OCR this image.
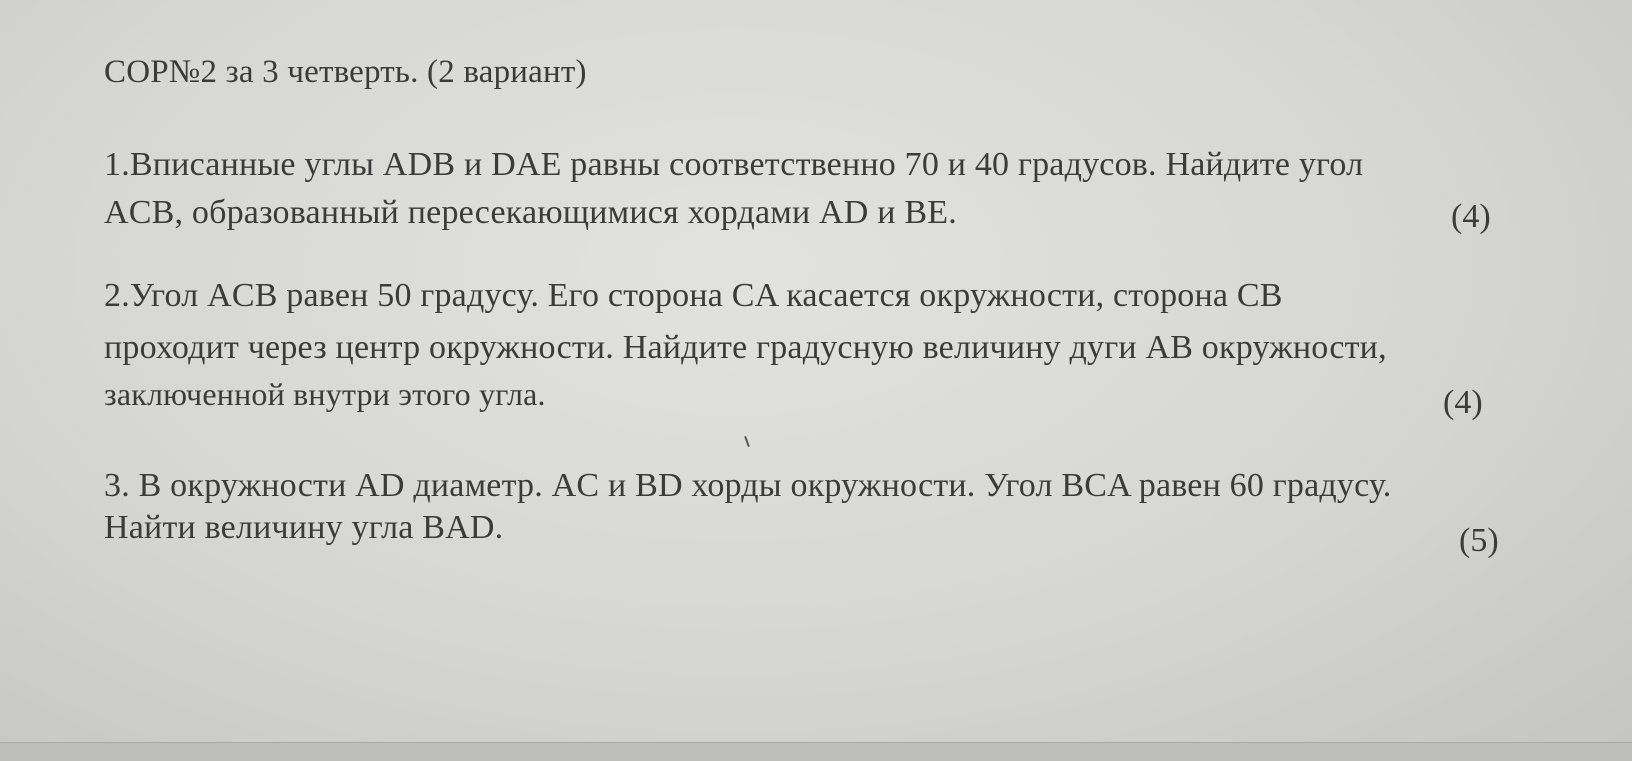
СОР№2 за 3 четверть. (2 вариант)
1.Вписанные углы ADB и DAE равны соответственно 70 и 40 градусов. Найдите угол
ACB, образованный пересекающимися хордами AD и BE.	(4)
2.Угол ACB равен 50 градусу. Его сторона CA касается окружности, сторона CB
проходит через центр окружности. Найдите градусную величину дуги AB окружности,
заключенной внутри этого угла.	(4)
3. В окружности AD диаметр. AC и BD хорды окружности. Угол BCA равен 60 градусу.
Найти величину угла BAD.	(5)
